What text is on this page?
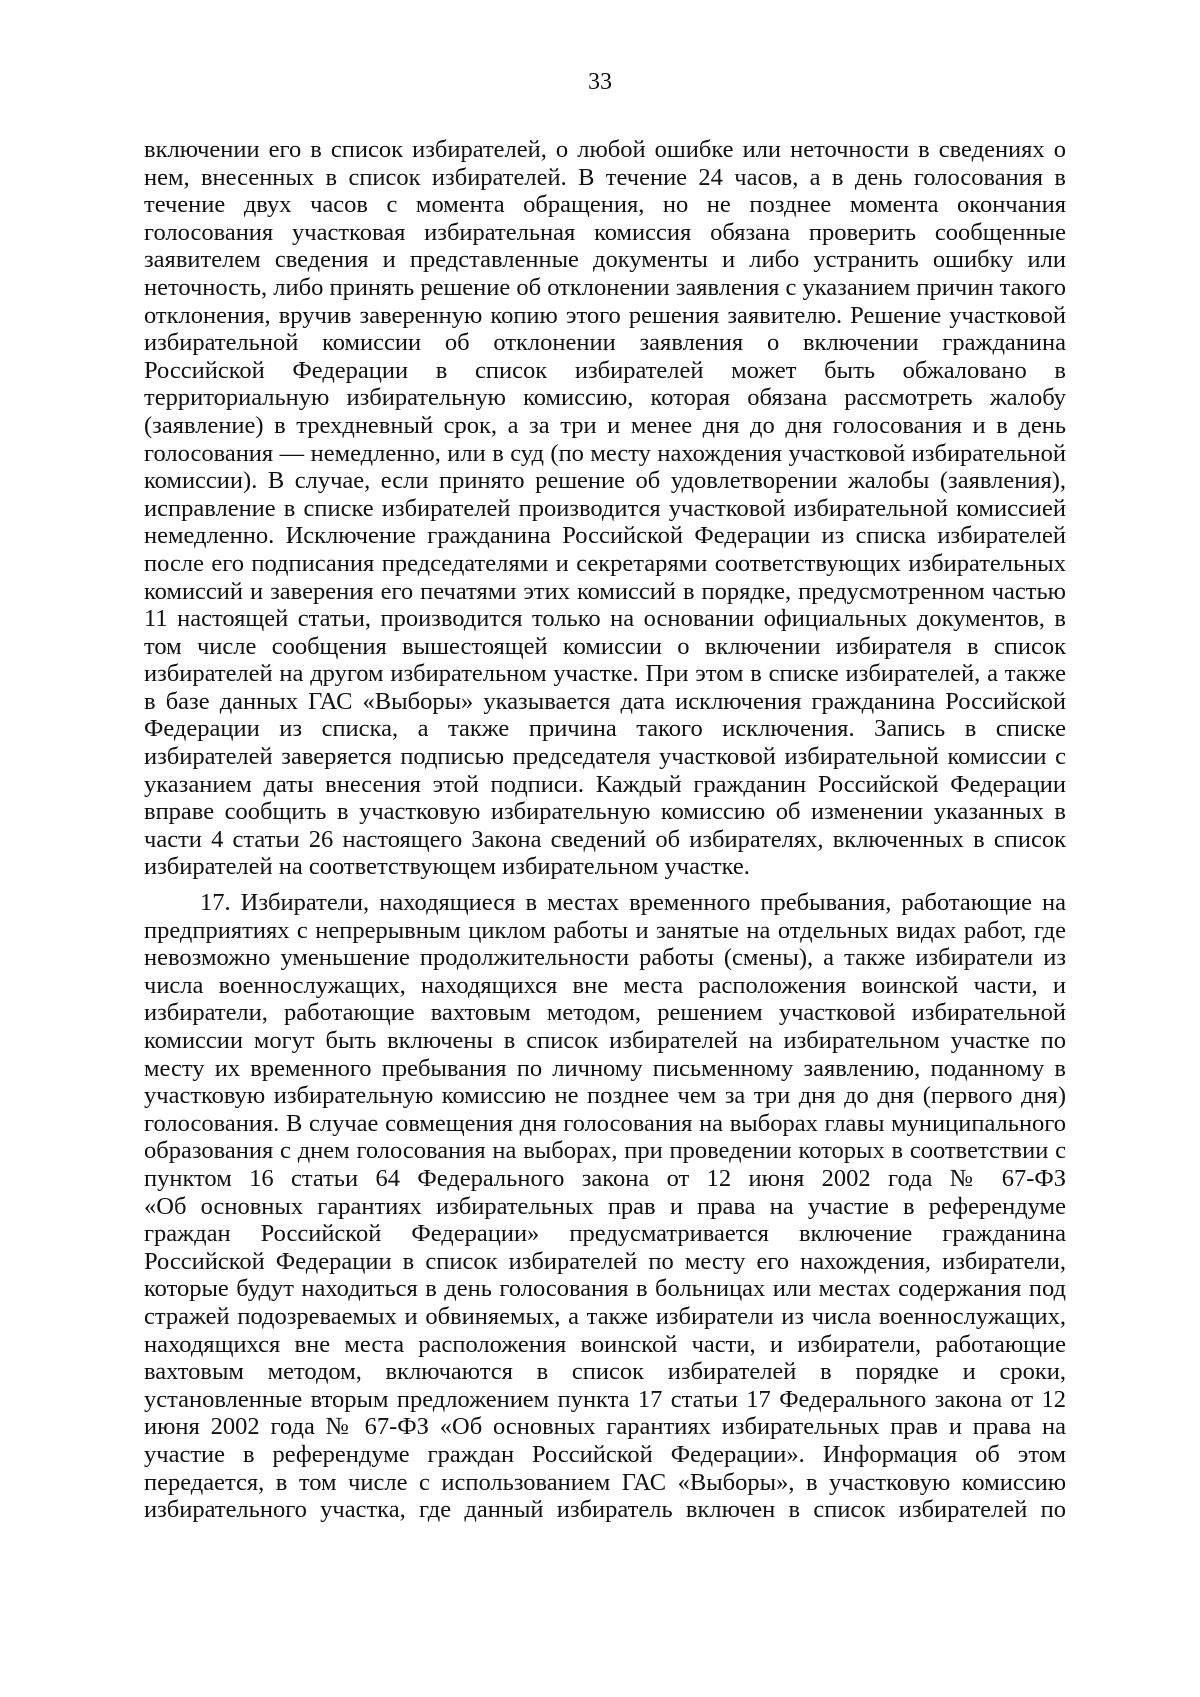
33
включении его в список избирателей, о любой ошибке или неточности в сведениях о
нем, внесенных в список избирателей. В течение 24 часов, а в день голосования в
течение двух часов с момента обращения, но не позднее момента окончания
голосования участковая избирательная комиссия обязана проверить сообщенные
заявителем сведения и представленные документы и либо устранить ошибку или
неточность, либо принять решение об отклонении заявления с указанием причин такого
отклонения, вручив заверенную копию этого решения заявителю. Решение участковой
избирательной комиссии об отклонении заявления о включении гражданина
Российской Федерации в список избирателей может быть обжаловано в
территориальную избирательную комиссию, которая обязана рассмотреть жалобу
(заявление) в трехдневный срок, а за три и менее дня до дня голосования и в день
голосования — немедленно, или в суд (по месту нахождения участковой избирательной
комиссии). В случае, если принято решение об удовлетворении жалобы (заявления),
исправление в списке избирателей производится участковой избирательной комиссией
немедленно. Исключение гражданина Российской Федерации из списка избирателей
после его подписания председателями и секретарями соответствующих избирательных
комиссий и заверения его печатями этих комиссий в порядке, предусмотренном частью
11 настоящей статьи, производится только на основании официальных документов, в
том числе сообщения вышестоящей комиссии о включении избирателя в список
избирателей на другом избирательном участке. При этом в списке избирателей, а также
в базе данных ГАС «Выборы» указывается дата исключения гражданина Российской
Федерации из списка, а также причина такого исключения. Запись в списке
избирателей заверяется подписью председателя участковой избирательной комиссии с
указанием даты внесения этой подписи. Каждый гражданин Российской Федерации
вправе сообщить в участковую избирательную комиссию об изменении указанных в
части 4 статьи 26 настоящего Закона сведений об избирателях, включенных в список
избирателей на соответствующем избирательном участке.
17. Избиратели, находящиеся в местах временного пребывания, работающие на
предприятиях с непрерывным циклом работы и занятые на отдельных видах работ, где
невозможно уменьшение продолжительности работы (смены), а также избиратели из
числа военнослужащих, находящихся вне места расположения воинской части, и
избиратели, работающие вахтовым методом, решением участковой избирательной
комиссии могут быть включены в список избирателей на избирательном участке по
месту их временного пребывания по личному письменному заявлению, поданному в
участковую избирательную комиссию не позднее чем за три дня до дня (первого дня)
голосования. В случае совмещения дня голосования на выборах главы муниципального
образования с днем голосования на выборах, при проведении которых в соответствии с
пунктом 16 статьи 64 Федерального закона от 12 июня 2002 года № 67-ФЗ
«Об основных гарантиях избирательных прав и права на участие в референдуме
граждан Российской Федерации» предусматривается включение гражданина
Российской Федерации в список избирателей по месту его нахождения, избиратели,
которые будут находиться в день голосования в больницах или местах содержания под
стражей подозреваемых и обвиняемых, а также избиратели из числа военнослужащих,
находящихся вне места расположения воинской части, и избиратели, работающие
вахтовым методом, включаются в список избирателей в порядке и сроки,
установленные вторым предложением пункта 17 статьи 17 Федерального закона от 12
июня 2002 года № 67-ФЗ «Об основных гарантиях избирательных прав и права на
участие в референдуме граждан Российской Федерации». Информация об этом
передается, в том числе с использованием ГАС «Выборы», в участковую комиссию
избирательного участка, где данный избиратель включен в список избирателей по
